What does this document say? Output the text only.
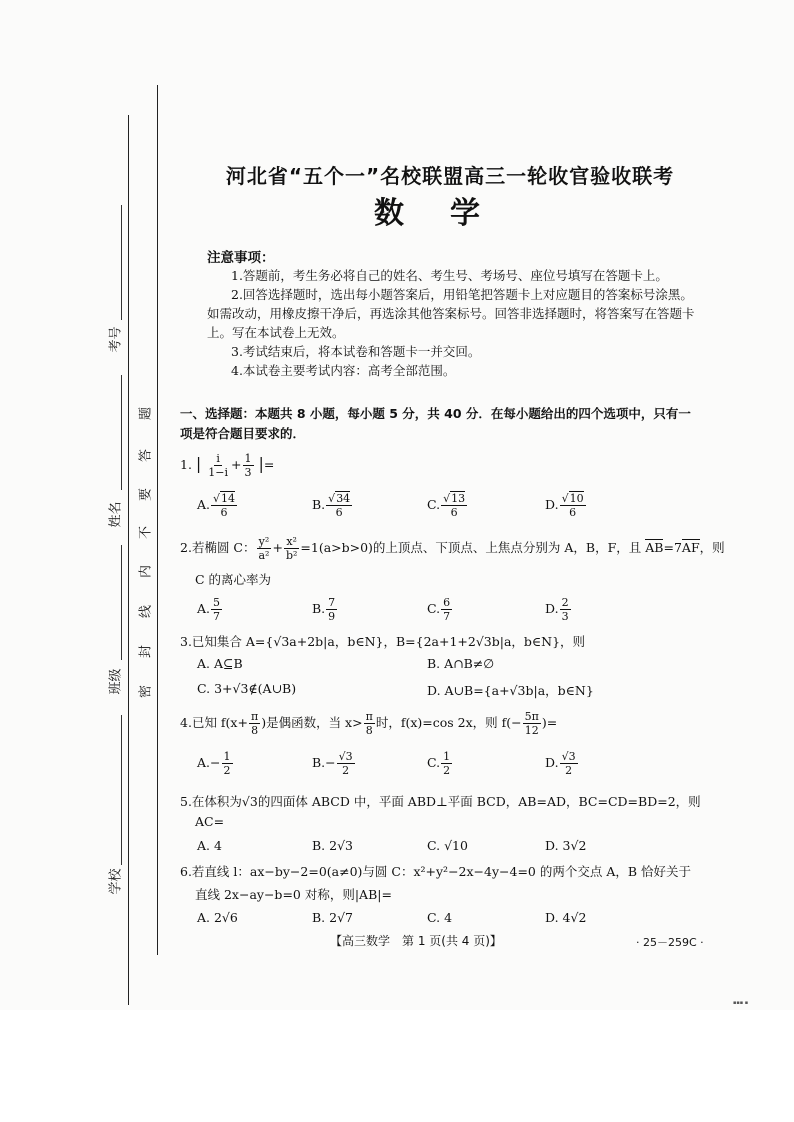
考号
姓名
班级
学校
题
答
要
不
内
线
封
密
河北省“五个一”名校联盟高三一轮收官验收联考
数学
注意事项：

1.答题前，考生务必将自己的姓名、考生号、考场号、座位号填写在答题卡上。

2.回答选择题时，选出每小题答案后，用铅笔把答题卡上对应题目的答案标号涂黑。如需改动，用橡皮擦干净后，再选涂其他答案标号。回答非选择题时，将答案写在答题卡上。写在本试卷上无效。

3.考试结束后，将本试卷和答题卡一并交回。

4.本试卷主要考试内容：高考全部范围。

一、选择题：本题共 8 小题，每小题 5 分，共 40 分．在每小题给出的四个选项中，只有一项是符合题目要求的．
1. | $\frac{i}{1-i} + \frac{1}{3}$ |=
A. $\frac{√14}{6}$	B. $\frac{√34}{6}$	C. $\frac{√13}{6}$	D. $\frac{√10}{6}$
2.若椭圆 C： $\frac{\text{y²}}{\text{a²}} + \frac{\text{x²}}{\text{b²}} =1(a>b>0)$的上顶点、下顶点、上焦点分别为 A，B，F，且 AB=7AF，则
C 的离心率为
A. $\frac{5}{7}$	B. $\frac{7}{9}$	C. $\frac{6}{7}$	D. $\frac{2}{3}$
3.已知集合 A={√3a+2b|a，b∈N}，B={2a+1+2√3b|a，b∈N}，则
A. A⊆B	B. A∩B≠∅
C. 3+√3∉(A∪B)	D. A∪B={a+√3b|a，b∈N}
4.已知 $f(x+ \frac{\pi}{8}$ )是偶函数，当 $x> \frac{\pi}{8}$ 时，f(x)=cos 2x，则 $f(- \frac{5\pi}{12}$ )=
$A.- \frac{1}{2}$	$B.- \frac{√3}{2}$	C. $\frac{1}{2}$	D. $\frac{√3}{2}$
5.在体积为√3的四面体 ABCD 中，平面 ABD⊥平面 BCD，AB=AD，BC=CD=BD=2，则
AC=
A. 4	B. 2√3	C. √10	D. 3√2
6.若直线 l：ax−by−2=0(a≠0)与圆 C：x²+y²−2x−4y−4=0 的两个交点 A，B 恰好关于
直线 2x−ay−b=0 对称，则|AB|=
A. 2√6	B. 2√7	C. 4	D. 4√2
【高三数学　第 1 页(共 4 页)】	· 25－259C ·
▪▪▪ ▪
